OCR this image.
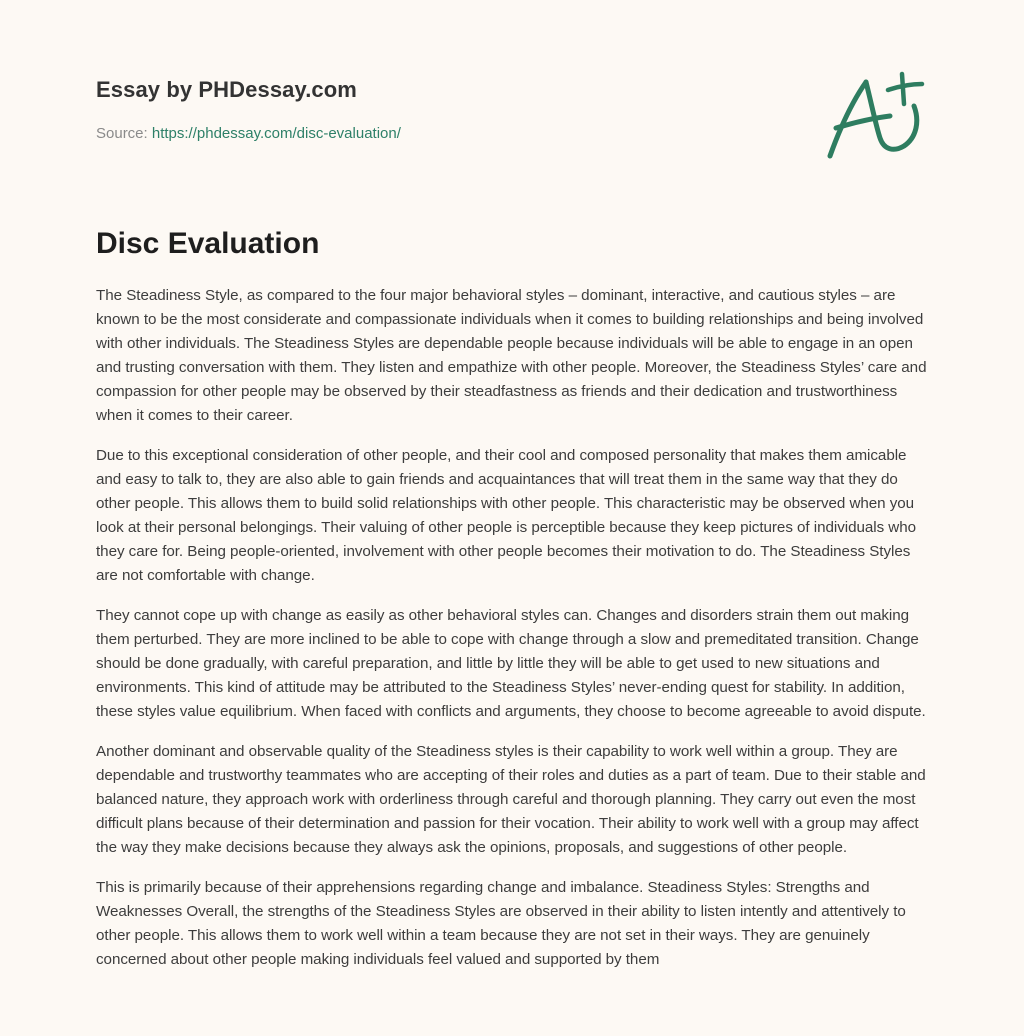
Essay by PHDessay.com
Source: https://phdessay.com/disc-evaluation/
Disc Evaluation

The Steadiness Style, as compared to the four major behavioral styles – dominant, interactive, and cautious styles – are known to be the most considerate and compassionate individuals when it comes to building relationships and being involved with other individuals. The Steadiness Styles are dependable people because individuals will be able to engage in an open and trusting conversation with them. They listen and empathize with other people. Moreover, the Steadiness Styles’ care and compassion for other people may be observed by their steadfastness as friends and their dedication and trustworthiness when it comes to their career.

Due to this exceptional consideration of other people, and their cool and composed personality that makes them amicable and easy to talk to, they are also able to gain friends and acquaintances that will treat them in the same way that they do other people. This allows them to build solid relationships with other people. This characteristic may be observed when you look at their personal belongings. Their valuing of other people is perceptible because they keep pictures of individuals who they care for. Being people-oriented, involvement with other people becomes their motivation to do. The Steadiness Styles are not comfortable with change.

They cannot cope up with change as easily as other behavioral styles can. Changes and disorders strain them out making them perturbed. They are more inclined to be able to cope with change through a slow and premeditated transition. Change should be done gradually, with careful preparation, and little by little they will be able to get used to new situations and environments. This kind of attitude may be attributed to the Steadiness Styles’ never-ending quest for stability. In addition, these styles value equilibrium. When faced with conflicts and arguments, they choose to become agreeable to avoid dispute.

Another dominant and observable quality of the Steadiness styles is their capability to work well within a group. They are dependable and trustworthy teammates who are accepting of their roles and duties as a part of team. Due to their stable and balanced nature, they approach work with orderliness through careful and thorough planning. They carry out even the most difficult plans because of their determination and passion for their vocation. Their ability to work well with a group may affect the way they make decisions because they always ask the opinions, proposals, and suggestions of other people.

This is primarily because of their apprehensions regarding change and imbalance. Steadiness Styles: Strengths and Weaknesses Overall, the strengths of the Steadiness Styles are observed in their ability to listen intently and attentively to other people. This allows them to work well within a team because they are not set in their ways. They are genuinely concerned about other people making individuals feel valued and supported by them
